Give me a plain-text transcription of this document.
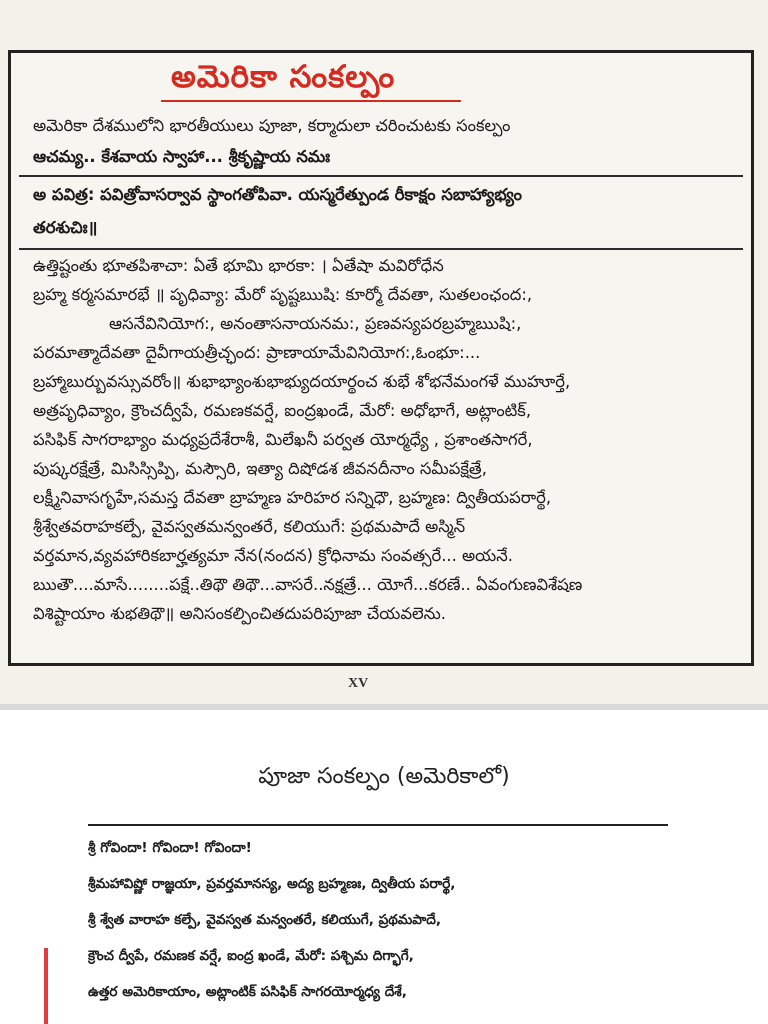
అమెరికా సంకల్పం
అమెరికా దేశములోని భారతీయులు పూజా, కర్మాదులా చరించుటకు సంకల్పం
ఆచమ్య.. కేశవాయ స్వాహా... శ్రీకృష్ణాయ నమః
అ పవిత్ర: పవిత్రోవాసర్వావ స్థాంగతోపివా. యస్మరేత్పుండ రీకాక్షం సబాహ్యాభ్యం
తరశుచిః॥
ఉత్తిష్టంతు భూతపిశాచా: ఏతే భూమి భారకా: । ఏతేషా మవిరోధేన
బ్రహ్మ కర్మసమారభే ॥ పృధివ్యా: మేరో పృష్టఋషి: కూర్మో దేవతా, సుతలంఛంద:,
ఆసనేవినియోగ:, అనంతాసనాయనమ:, ప్రణవస్యపరబ్రహ్మఋషి:,
పరమాత్మాదేవతా దైవీగాయత్రీచ్ఛంద: ప్రాణాయామేవినియోగ:,ఓంభూ:...
బ్రహ్మాబుర్బువస్సువరోం॥ శుభాభ్యాంశుభాభ్యుదయార్థంచ శుభే శోభనేమంగళే ముహూర్తే,
అత్రపృధివ్యాం, క్రౌంచద్వీపే, రమణకవర్షే, ఐంద్రఖండే, మేరో: అధోభాగే, అట్లాంటిక్,
పసిఫిక్ సాగరాభ్యాం మధ్యప్రదేశేరాశీ, మిలేఖనీ పర్వత యోర్మధ్యే , ప్రశాంతసాగరే,
పుష్కరక్షేత్రే, మిసిస్సిప్పి, మస్సౌరి, ఇత్యా దిషోడశ జీవనదీనాం సమీపక్షేత్రే,
లక్ష్మీనివాసగృహే,సమస్త దేవతా బ్రాహ్మణ హరిహర సన్నిధౌ, బ్రహ్మణ: ద్వితీయపరార్థే,
శ్రీశ్వేతవరాహకల్పే, వైవస్వతమన్వంతరే, కలియుగే: ప్రథమపాదే అస్మిన్
వర్తమాన,వ్యవహారికబార్హత్యమా నేన(నందన) క్రోధినామ సంవత్సరే... అయనే.
ఋతౌ....మాసే........పక్షే..తిథౌ తిథౌ...వాసరే..నక్షత్రే... యోగే...కరణే.. ఏవంగుణవిశేషణ
విశిష్టాయాం శుభతిథౌ॥ అనిసంకల్పించితదుపరిపూజా చేయవలెను.
XV
పూజా సంకల్పం (అమెరికాలో)
శ్రీ గోవిందా! గోవిందా! గోవిందా!
శ్రీమహావిష్ణో రాజ్ఞయా, ప్రవర్తమానస్య, అద్య బ్రహ్మణః, ద్వితీయ పరార్థే,
శ్రీ శ్వేత వారాహ కల్పే, వైవస్వత మన్వంతరే, కలియుగే, ప్రథమపాదే,
క్రౌంచ ద్వీపే, రమణక వర్షే, ఐంద్ర ఖండే, మేరో: పశ్చిమ దిగ్భాగే,
ఉత్తర అమెరికాయాం, అట్లాంటిక్ పసిఫిక్ సాగరయోర్మధ్య దేశే,
